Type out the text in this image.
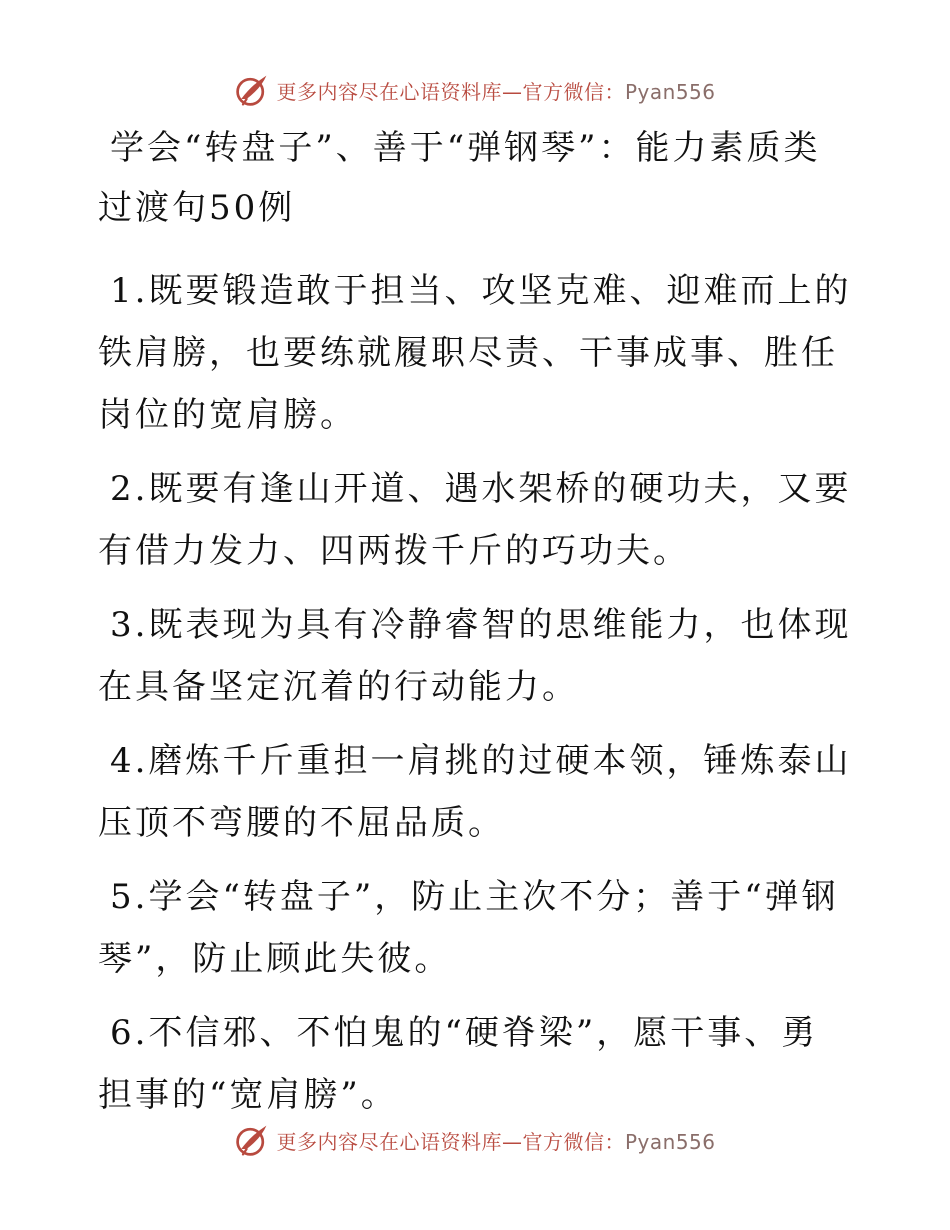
更多内容尽在心语资料库—官方微信：Pyan556
学会“转盘子”、善于“弹钢琴”：能力素质类过渡句50例

1.既要锻造敢于担当、攻坚克难、迎难而上的铁肩膀，也要练就履职尽责、干事成事、胜任岗位的宽肩膀。

2.既要有逢山开道、遇水架桥的硬功夫，又要有借力发力、四两拨千斤的巧功夫。

3.既表现为具有冷静睿智的思维能力，也体现在具备坚定沉着的行动能力。

4.磨炼千斤重担一肩挑的过硬本领，锤炼泰山压顶不弯腰的不屈品质。

5.学会“转盘子”，防止主次不分；善于“弹钢琴”，防止顾此失彼。

6.不信邪、不怕鬼的“硬脊梁”，愿干事、勇担事的“宽肩膀”。

更多内容尽在心语资料库—官方微信：Pyan556
